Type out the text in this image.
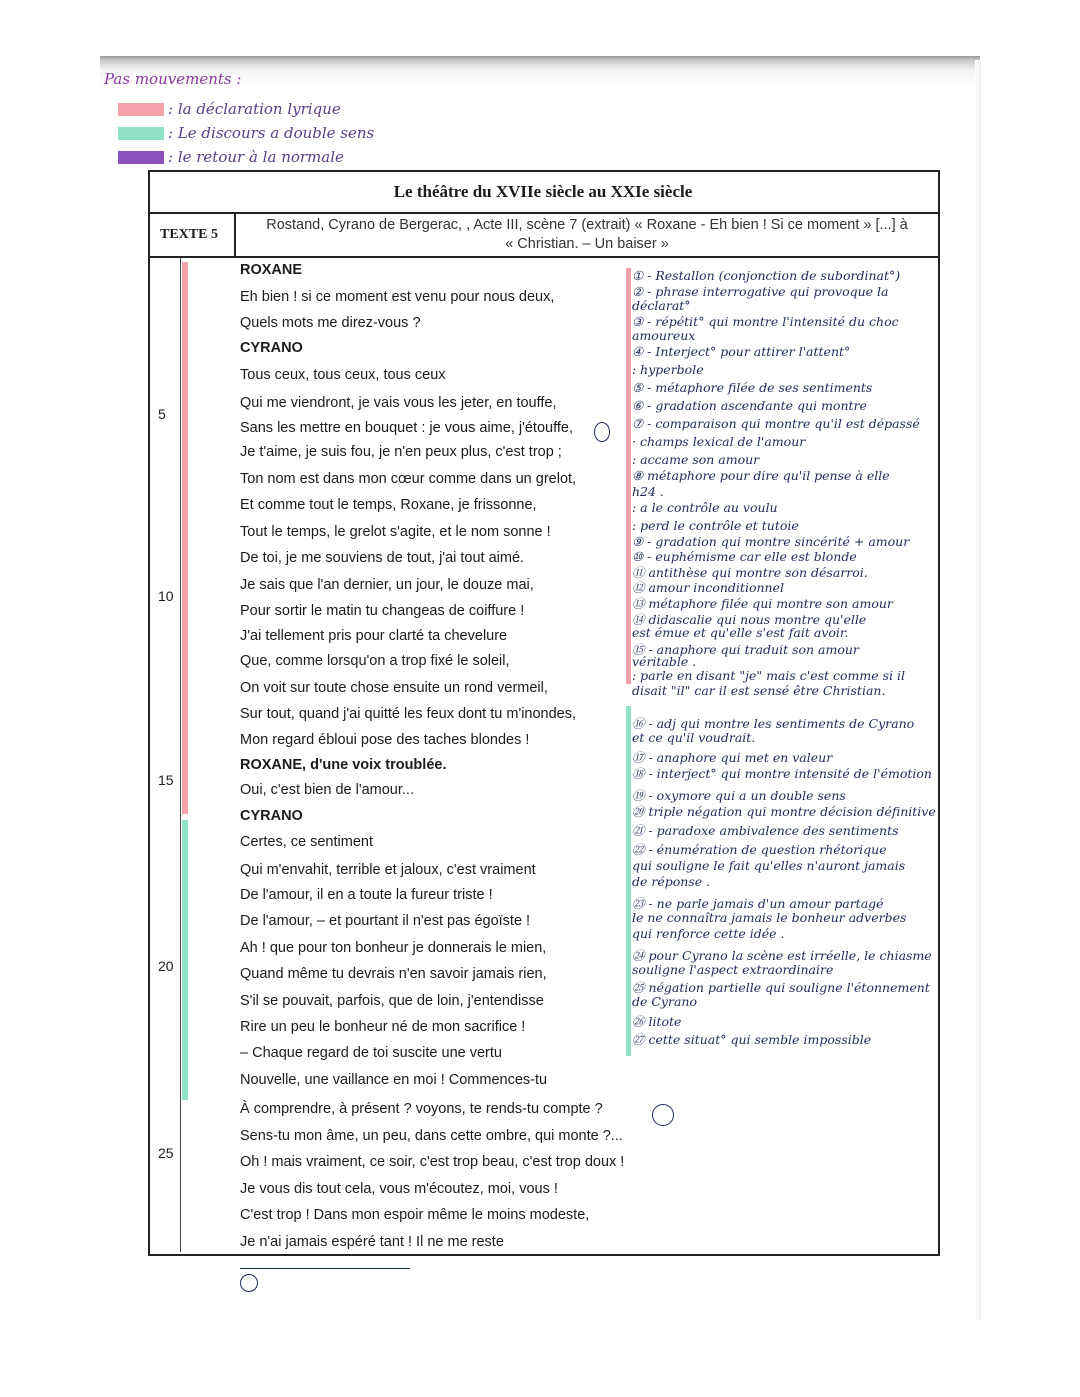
Pas mouvements :
: la déclaration lyrique
: Le discours a double sens
: le retour à la normale
Le théâtre du XVIIe siècle au XXIe siècle
TEXTE 5
Rostand, Cyrano de Bergerac, , Acte III, scène 7 (extrait) « Roxane - Eh bien ! Si ce moment » [...] à
« Christian. – Un baiser »
5
10
15
20
25
ROXANE
Eh bien ! si ce moment est venu pour nous deux,
Quels mots me direz-vous ?
CYRANO
Tous ceux, tous ceux, tous ceux
Qui me viendront, je vais vous les jeter, en touffe,
Sans les mettre en bouquet : je vous aime, j'étouffe,
Je t'aime, je suis fou, je n'en peux plus, c'est trop ;
Ton nom est dans mon cœur comme dans un grelot,
Et comme tout le temps, Roxane, je frissonne,
Tout le temps, le grelot s'agite, et le nom sonne !
De toi, je me souviens de tout, j'ai tout aimé.
Je sais que l'an dernier, un jour, le douze mai,
Pour sortir le matin tu changeas de coiffure !
J'ai tellement pris pour clarté ta chevelure
Que, comme lorsqu'on a trop fixé le soleil,
On voit sur toute chose ensuite un rond vermeil,
Sur tout, quand j'ai quitté les feux dont tu m'inondes,
Mon regard ébloui pose des taches blondes !
ROXANE, d'une voix troublée.
Oui, c'est bien de l'amour...
CYRANO
Certes, ce sentiment
Qui m'envahit, terrible et jaloux, c'est vraiment
De l'amour, il en a toute la fureur triste !
De l'amour, – et pourtant il n'est pas égoïste !
Ah ! que pour ton bonheur je donnerais le mien,
Quand même tu devrais n'en savoir jamais rien,
S'il se pouvait, parfois, que de loin, j'entendisse
Rire un peu le bonheur né de mon sacrifice !
– Chaque regard de toi suscite une vertu
Nouvelle, une vaillance en moi ! Commences-tu
À comprendre, à présent ? voyons, te rends-tu compte ?
Sens-tu mon âme, un peu, dans cette ombre, qui monte ?...
Oh ! mais vraiment, ce soir, c'est trop beau, c'est trop doux !
Je vous dis tout cela, vous m'écoutez, moi, vous !
C'est trop ! Dans mon espoir même le moins modeste,
Je n'ai jamais espéré tant ! Il ne me reste
① - Restallon (conjonction de subordinat°)
② - phrase interrogative qui provoque la
déclarat°
③ - répétit° qui montre l'intensité du choc
amoureux
④ - Interject° pour attirer l'attent°
: hyperbole
⑤ - métaphore filée de ses sentiments
⑥ - gradation ascendante qui montre
⑦ - comparaison qui montre qu'il est dépassé
· champs lexical de l'amour
: accame son amour
⑧ métaphore pour dire qu'il pense à elle
h24 .
: a le contrôle au voulu
: perd le contrôle et tutoie
⑨ - gradation qui montre sincérité + amour
⑩ - euphémisme car elle est blonde
⑪ antithèse qui montre son désarroi.
⑫ amour inconditionnel
⑬ métaphore filée qui montre son amour
⑭ didascalie qui nous montre qu'elle
est émue et qu'elle s'est fait avoir.
⑮ - anaphore qui traduit son amour
véritable .
: parle en disant "je" mais c'est comme si il
disait "il" car il est sensé être Christian.
⑯ - adj qui montre les sentiments de Cyrano
et ce qu'il voudrait.
⑰ - anaphore qui met en valeur
⑱ - interject° qui montre intensité de l'émotion
⑲ - oxymore qui a un double sens
⑳ triple négation qui montre décision définitive
㉑ - paradoxe ambivalence des sentiments
㉒ - énumération de question rhétorique
qui souligne le fait qu'elles n'auront jamais
de réponse .
㉓ - ne parle jamais d'un amour partagé
le ne connaîtra jamais le bonheur adverbes
qui renforce cette idée .
㉔ pour Cyrano la scène est irréelle, le chiasme
souligne l'aspect extraordinaire
㉕ négation partielle qui souligne l'étonnement
de Cyrano
㉖ litote
㉗ cette situat° qui semble impossible
